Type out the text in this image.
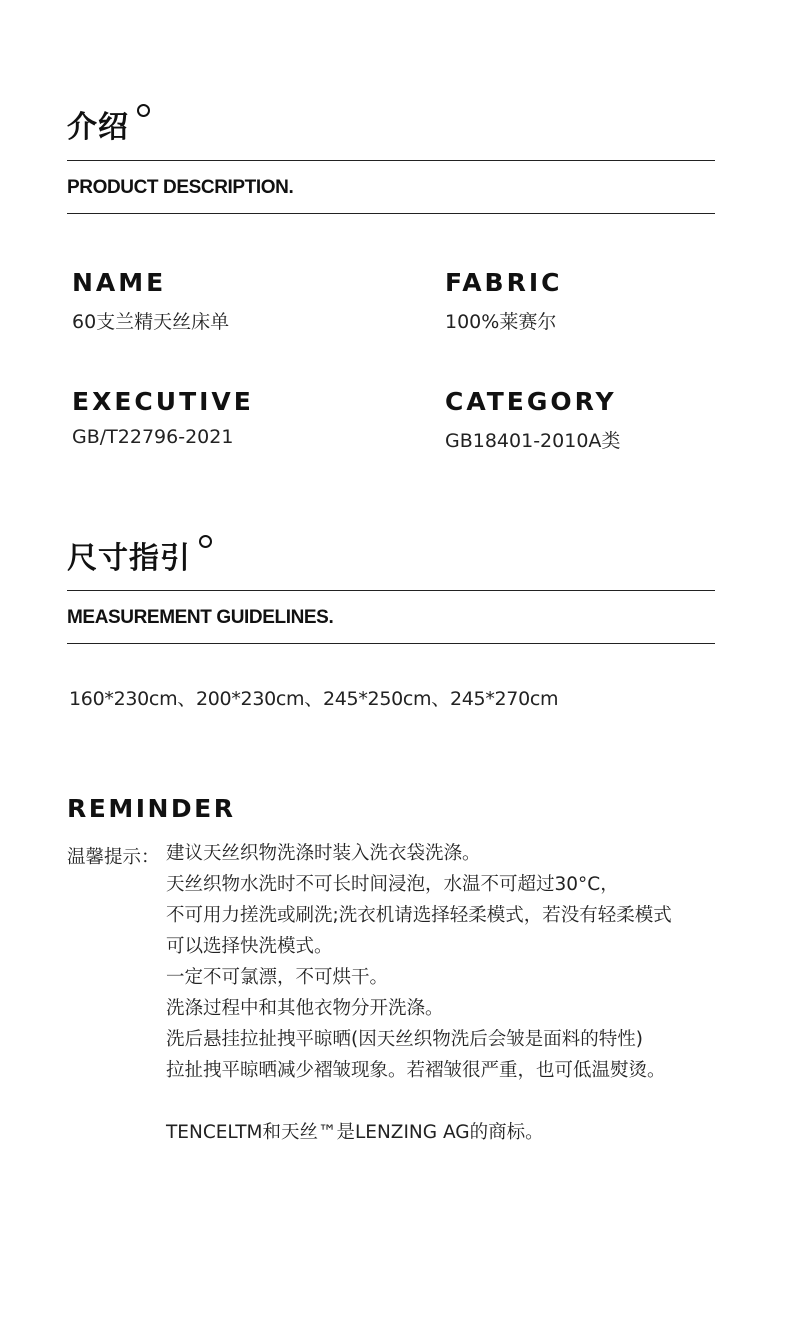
介绍
PRODUCT DESCRIPTION.
NAME
60支兰精天丝床单
FABRIC
100%莱赛尔
EXECUTIVE
GB/T22796-2021
CATEGORY
GB18401-2010A类
尺寸指引
MEASUREMENT GUIDELINES.
160*230cm、200*230cm、245*250cm、245*270cm
REMINDER
温馨提示： 建议天丝织物洗涤时装入洗衣袋洗涤。
天丝织物水洗时不可长时间浸泡，水温不可超过30°C，
不可用力搓洗或刷洗;洗衣机请选择轻柔模式，若没有轻柔模式
可以选择快洗模式。
一定不可氯漂，不可烘干。
洗涤过程中和其他衣物分开洗涤。
洗后悬挂拉扯拽平晾晒(因天丝织物洗后会皱是面料的特性)
拉扯拽平晾晒减少褶皱现象。若褶皱很严重，也可低温熨烫。
TENCELTM和天丝™是LENZING AG的商标。
